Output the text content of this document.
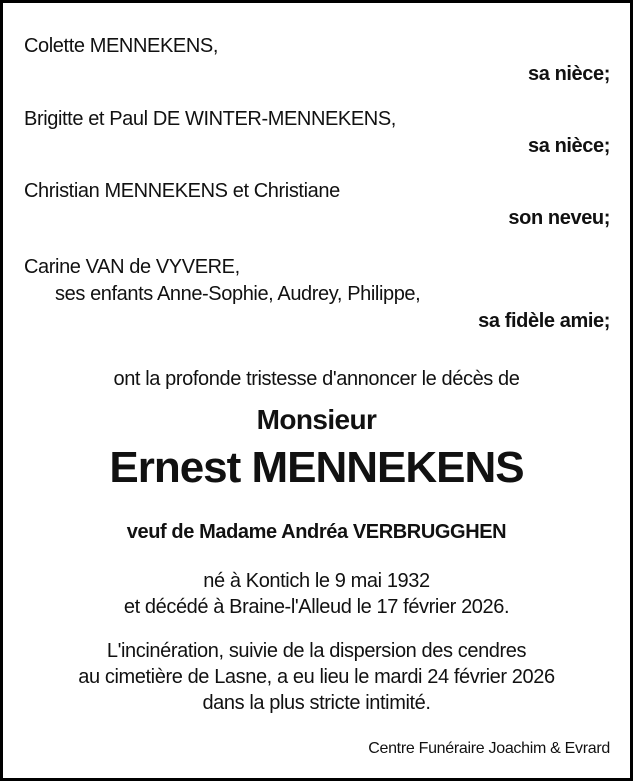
Colette MENNEKENS,
sa nièce;
Brigitte et Paul DE WINTER-MENNEKENS,
sa nièce;
Christian MENNEKENS et Christiane
son neveu;
Carine VAN de VYVERE,
ses enfants Anne-Sophie, Audrey, Philippe,
sa fidèle amie;
ont la profonde tristesse d'annoncer le décès de
Monsieur
Ernest MENNEKENS
veuf de Madame Andréa VERBRUGGHEN
né à Kontich le 9 mai 1932
et décédé à Braine-l'Alleud le 17 février 2026.
L'incinération, suivie de la dispersion des cendres
au cimetière de Lasne, a eu lieu le mardi 24 février 2026
dans la plus stricte intimité.
Centre Funéraire Joachim & Evrard
